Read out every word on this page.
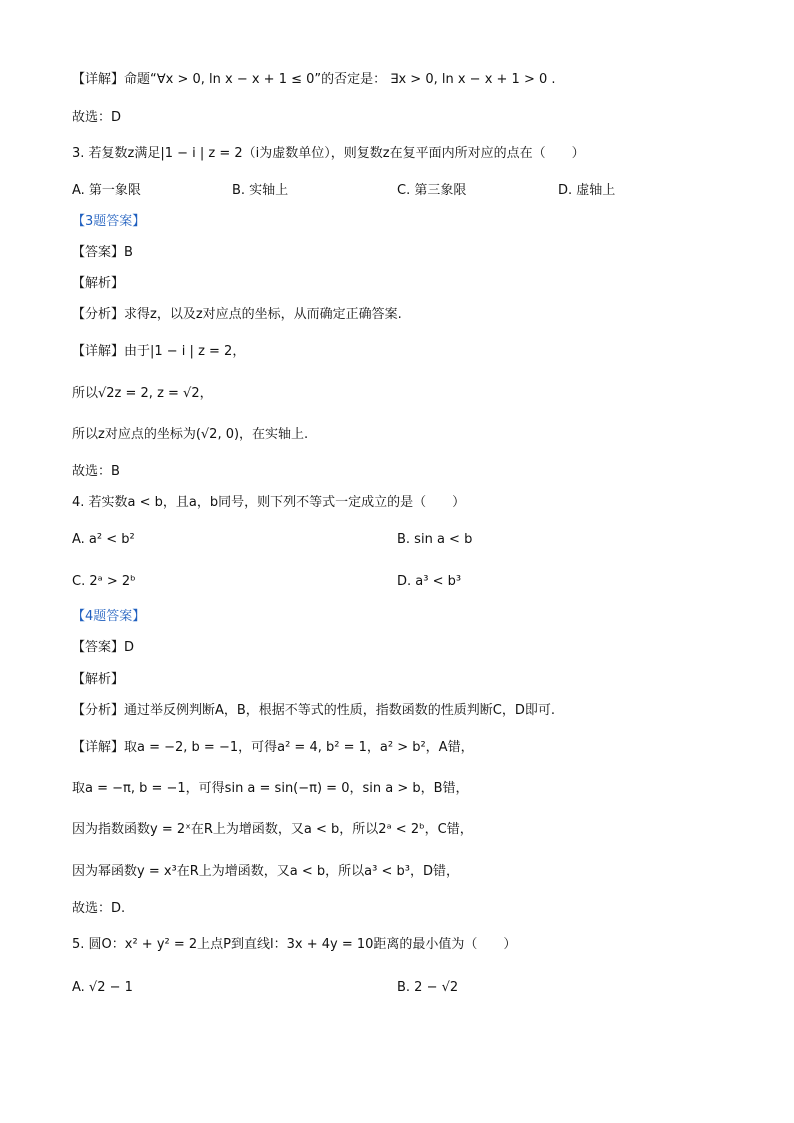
【详解】命题“∀x > 0, ln x − x + 1 ≤ 0”的否定是： ∃x > 0, ln x − x + 1 > 0 .
故选：D
3. 若复数z满足|1 − i | z = 2（i为虚数单位），则复数z在复平面内所对应的点在（　　）
A. 第一象限	B. 实轴上	C. 第三象限	D. 虚轴上
【3题答案】
【答案】B
【解析】
【分析】求得z，以及z对应点的坐标，从而确定正确答案.
【详解】由于|1 − i | z = 2，
所以√2z = 2, z = √2，
所以z对应点的坐标为(√2, 0)，在实轴上.
故选：B
4. 若实数a < b，且a，b同号，则下列不等式一定成立的是（　　）
A. a² < b²	B. sin a < b
C. 2ᵃ > 2ᵇ	D. a³ < b³
【4题答案】
【答案】D
【解析】
【分析】通过举反例判断A，B，根据不等式的性质，指数函数的性质判断C，D即可.
【详解】取a = −2, b = −1，可得a² = 4, b² = 1，a² > b²，A错，
取a = −π, b = −1，可得sin a = sin(−π) = 0，sin a > b，B错，
因为指数函数y = 2ˣ在R上为增函数，又a < b，所以2ᵃ < 2ᵇ，C错，
因为幂函数y = x³在R上为增函数，又a < b，所以a³ < b³，D错，
故选：D.
5. 圆O：x² + y² = 2上点P到直线l：3x + 4y = 10距离的最小值为（　　）
A. √2 − 1	B. 2 − √2
